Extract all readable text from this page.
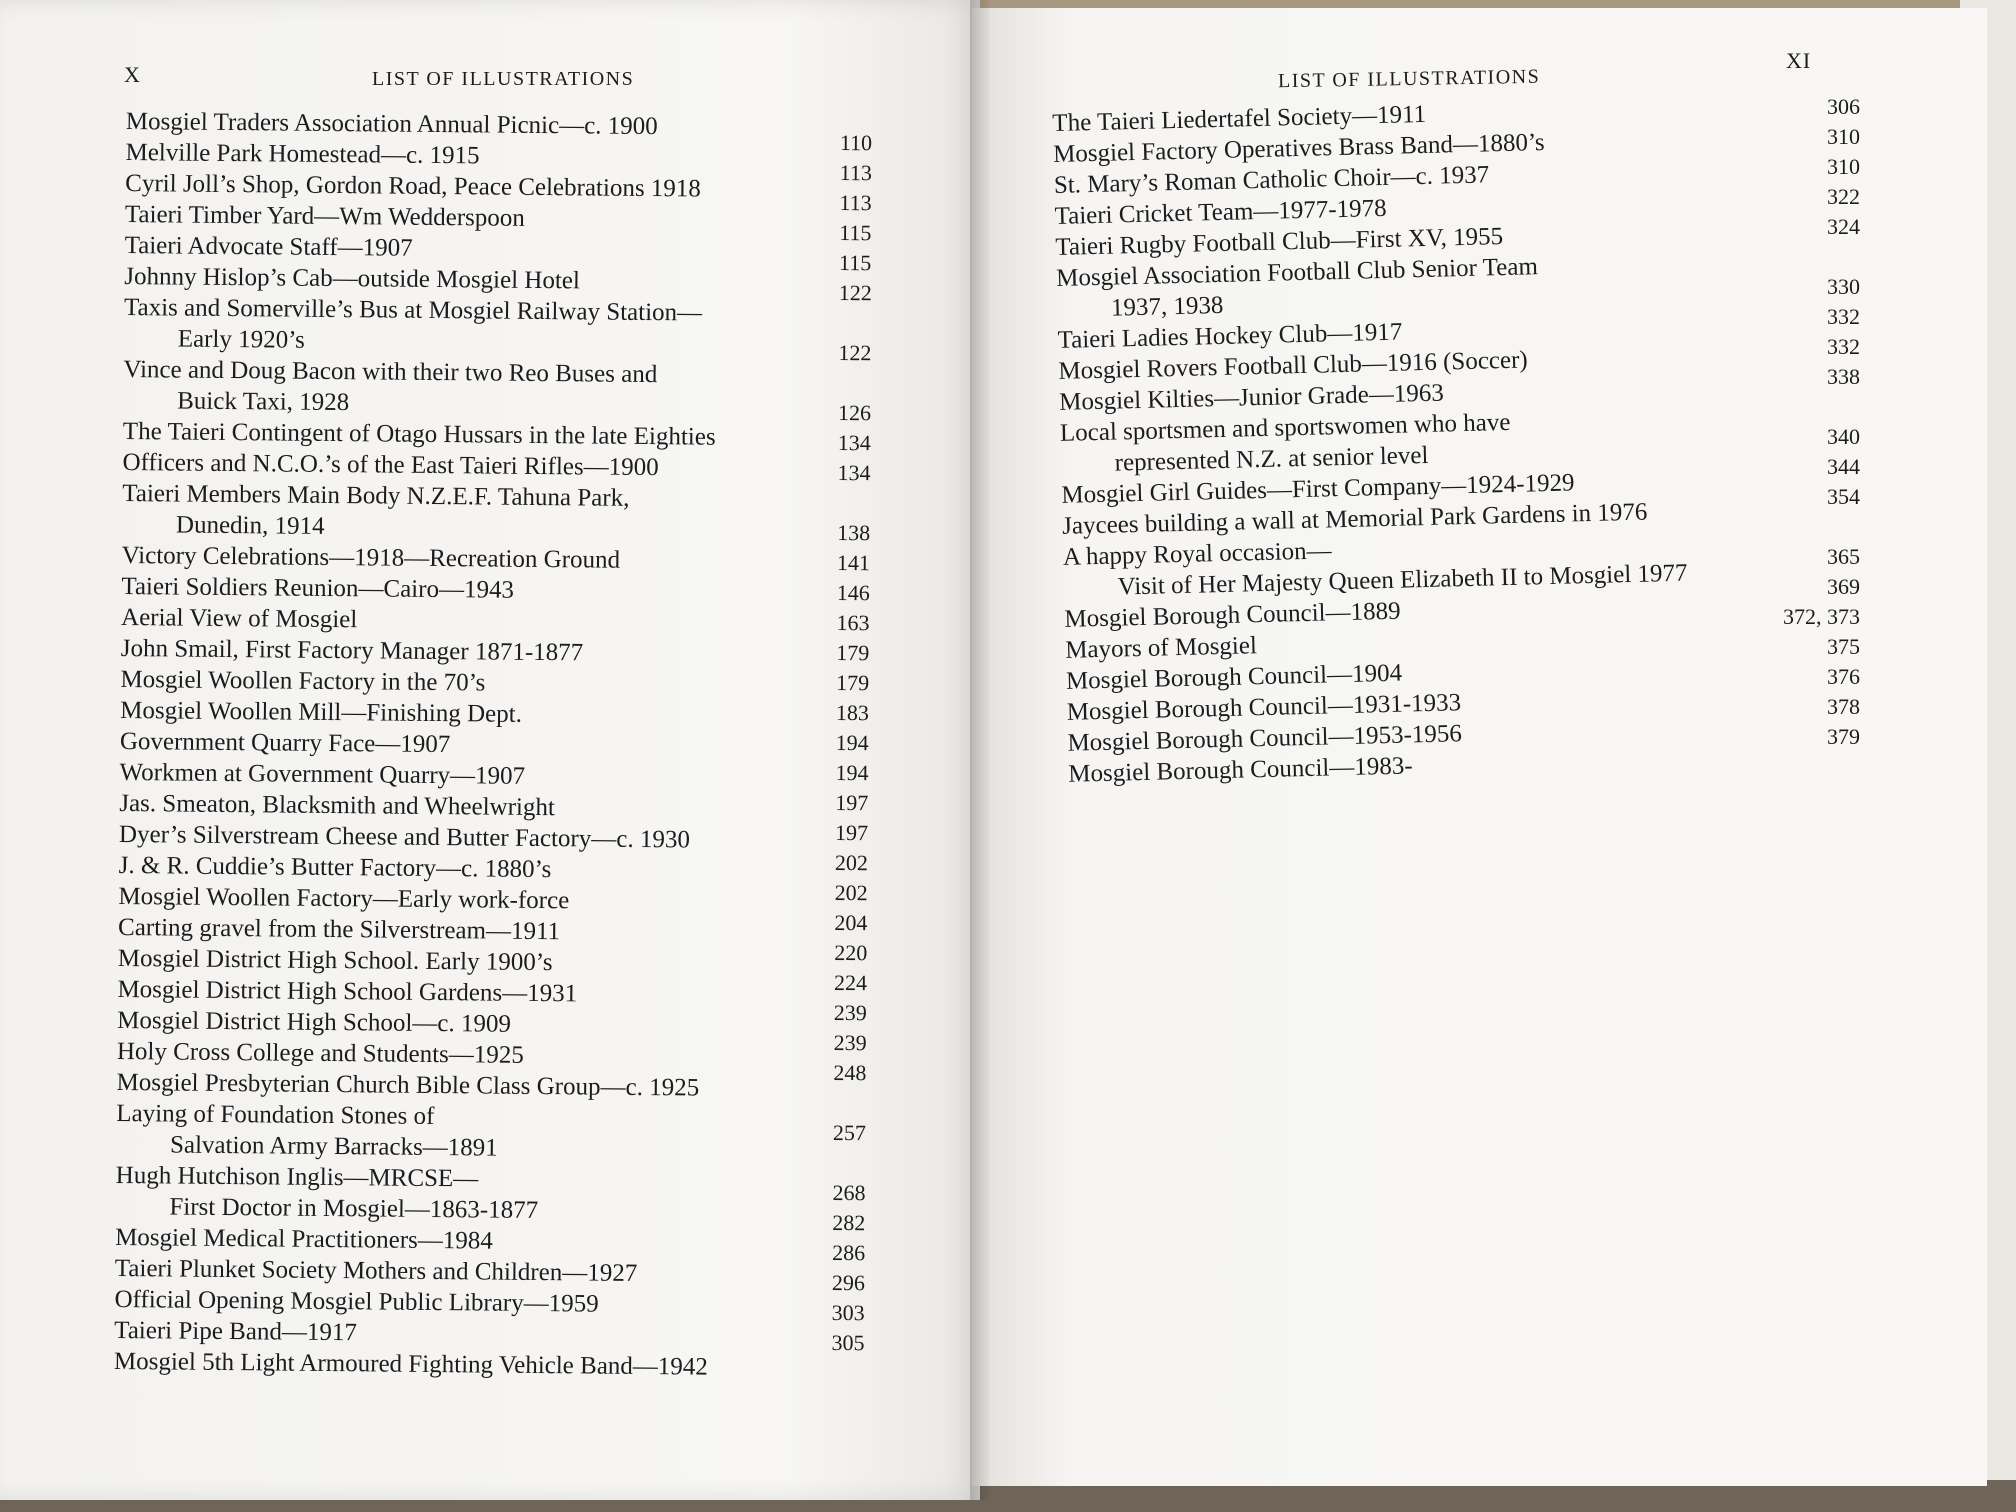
X	LIST OF ILLUSTRATIONS	LIST OF ILLUSTRATIONS
XI
Mosgiel Traders Association Annual Picnic—c. 1900
Melville Park Homestead—c. 1915
Cyril Joll’s Shop, Gordon Road, Peace Celebrations 1918
Taieri Timber Yard—Wm Wedderspoon
Taieri Advocate Staff—1907
Johnny Hislop’s Cab—outside Mosgiel Hotel
Taxis and Somerville’s Bus at Mosgiel Railway Station—
Early 1920’s
Vince and Doug Bacon with their two Reo Buses and
Buick Taxi, 1928
The Taieri Contingent of Otago Hussars in the late Eighties
Officers and N.C.O.’s of the East Taieri Rifles—1900
Taieri Members Main Body N.Z.E.F. Tahuna Park,
Dunedin, 1914
Victory Celebrations—1918—Recreation Ground
Taieri Soldiers Reunion—Cairo—1943
Aerial View of Mosgiel
John Smail, First Factory Manager 1871-1877
Mosgiel Woollen Factory in the 70’s
Mosgiel Woollen Mill—Finishing Dept.
Government Quarry Face—1907
Workmen at Government Quarry—1907
Jas. Smeaton, Blacksmith and Wheelwright
Dyer’s Silverstream Cheese and Butter Factory—c. 1930
J. & R. Cuddie’s Butter Factory—c. 1880’s
Mosgiel Woollen Factory—Early work-force
Carting gravel from the Silverstream—1911
Mosgiel District High School. Early 1900’s
Mosgiel District High School Gardens—1931
Mosgiel District High School—c. 1909
Holy Cross College and Students—1925
Mosgiel Presbyterian Church Bible Class Group—c. 1925
Laying of Foundation Stones of
Salvation Army Barracks—1891
Hugh Hutchison Inglis—MRCSE—
First Doctor in Mosgiel—1863-1877
Mosgiel Medical Practitioners—1984
Taieri Plunket Society Mothers and Children—1927
Official Opening Mosgiel Public Library—1959
Taieri Pipe Band—1917
Mosgiel 5th Light Armoured Fighting Vehicle Band—1942
110
113
113
115
115
122
122
126
134
134
138
141
146
163
179
179
183
194
194
197
197
202
202
204
220
224
239
239
248
257
268
282
286
296
303
305
The Taieri Liedertafel Society—1911
Mosgiel Factory Operatives Brass Band—1880’s
St. Mary’s Roman Catholic Choir—c. 1937
Taieri Cricket Team—1977-1978
Taieri Rugby Football Club—First XV, 1955
Mosgiel Association Football Club Senior Team
1937, 1938
Taieri Ladies Hockey Club—1917
Mosgiel Rovers Football Club—1916 (Soccer)
Mosgiel Kilties—Junior Grade—1963
Local sportsmen and sportswomen who have
represented N.Z. at senior level
Mosgiel Girl Guides—First Company—1924-1929
Jaycees building a wall at Memorial Park Gardens in 1976
A happy Royal occasion—
Visit of Her Majesty Queen Elizabeth II to Mosgiel 1977
Mosgiel Borough Council—1889
Mayors of Mosgiel
Mosgiel Borough Council—1904
Mosgiel Borough Council—1931-1933
Mosgiel Borough Council—1953-1956
Mosgiel Borough Council—1983-
306
310
310
322
324
330
332
332
338
340
344
354
365
369
372, 373
375
376
378
379
